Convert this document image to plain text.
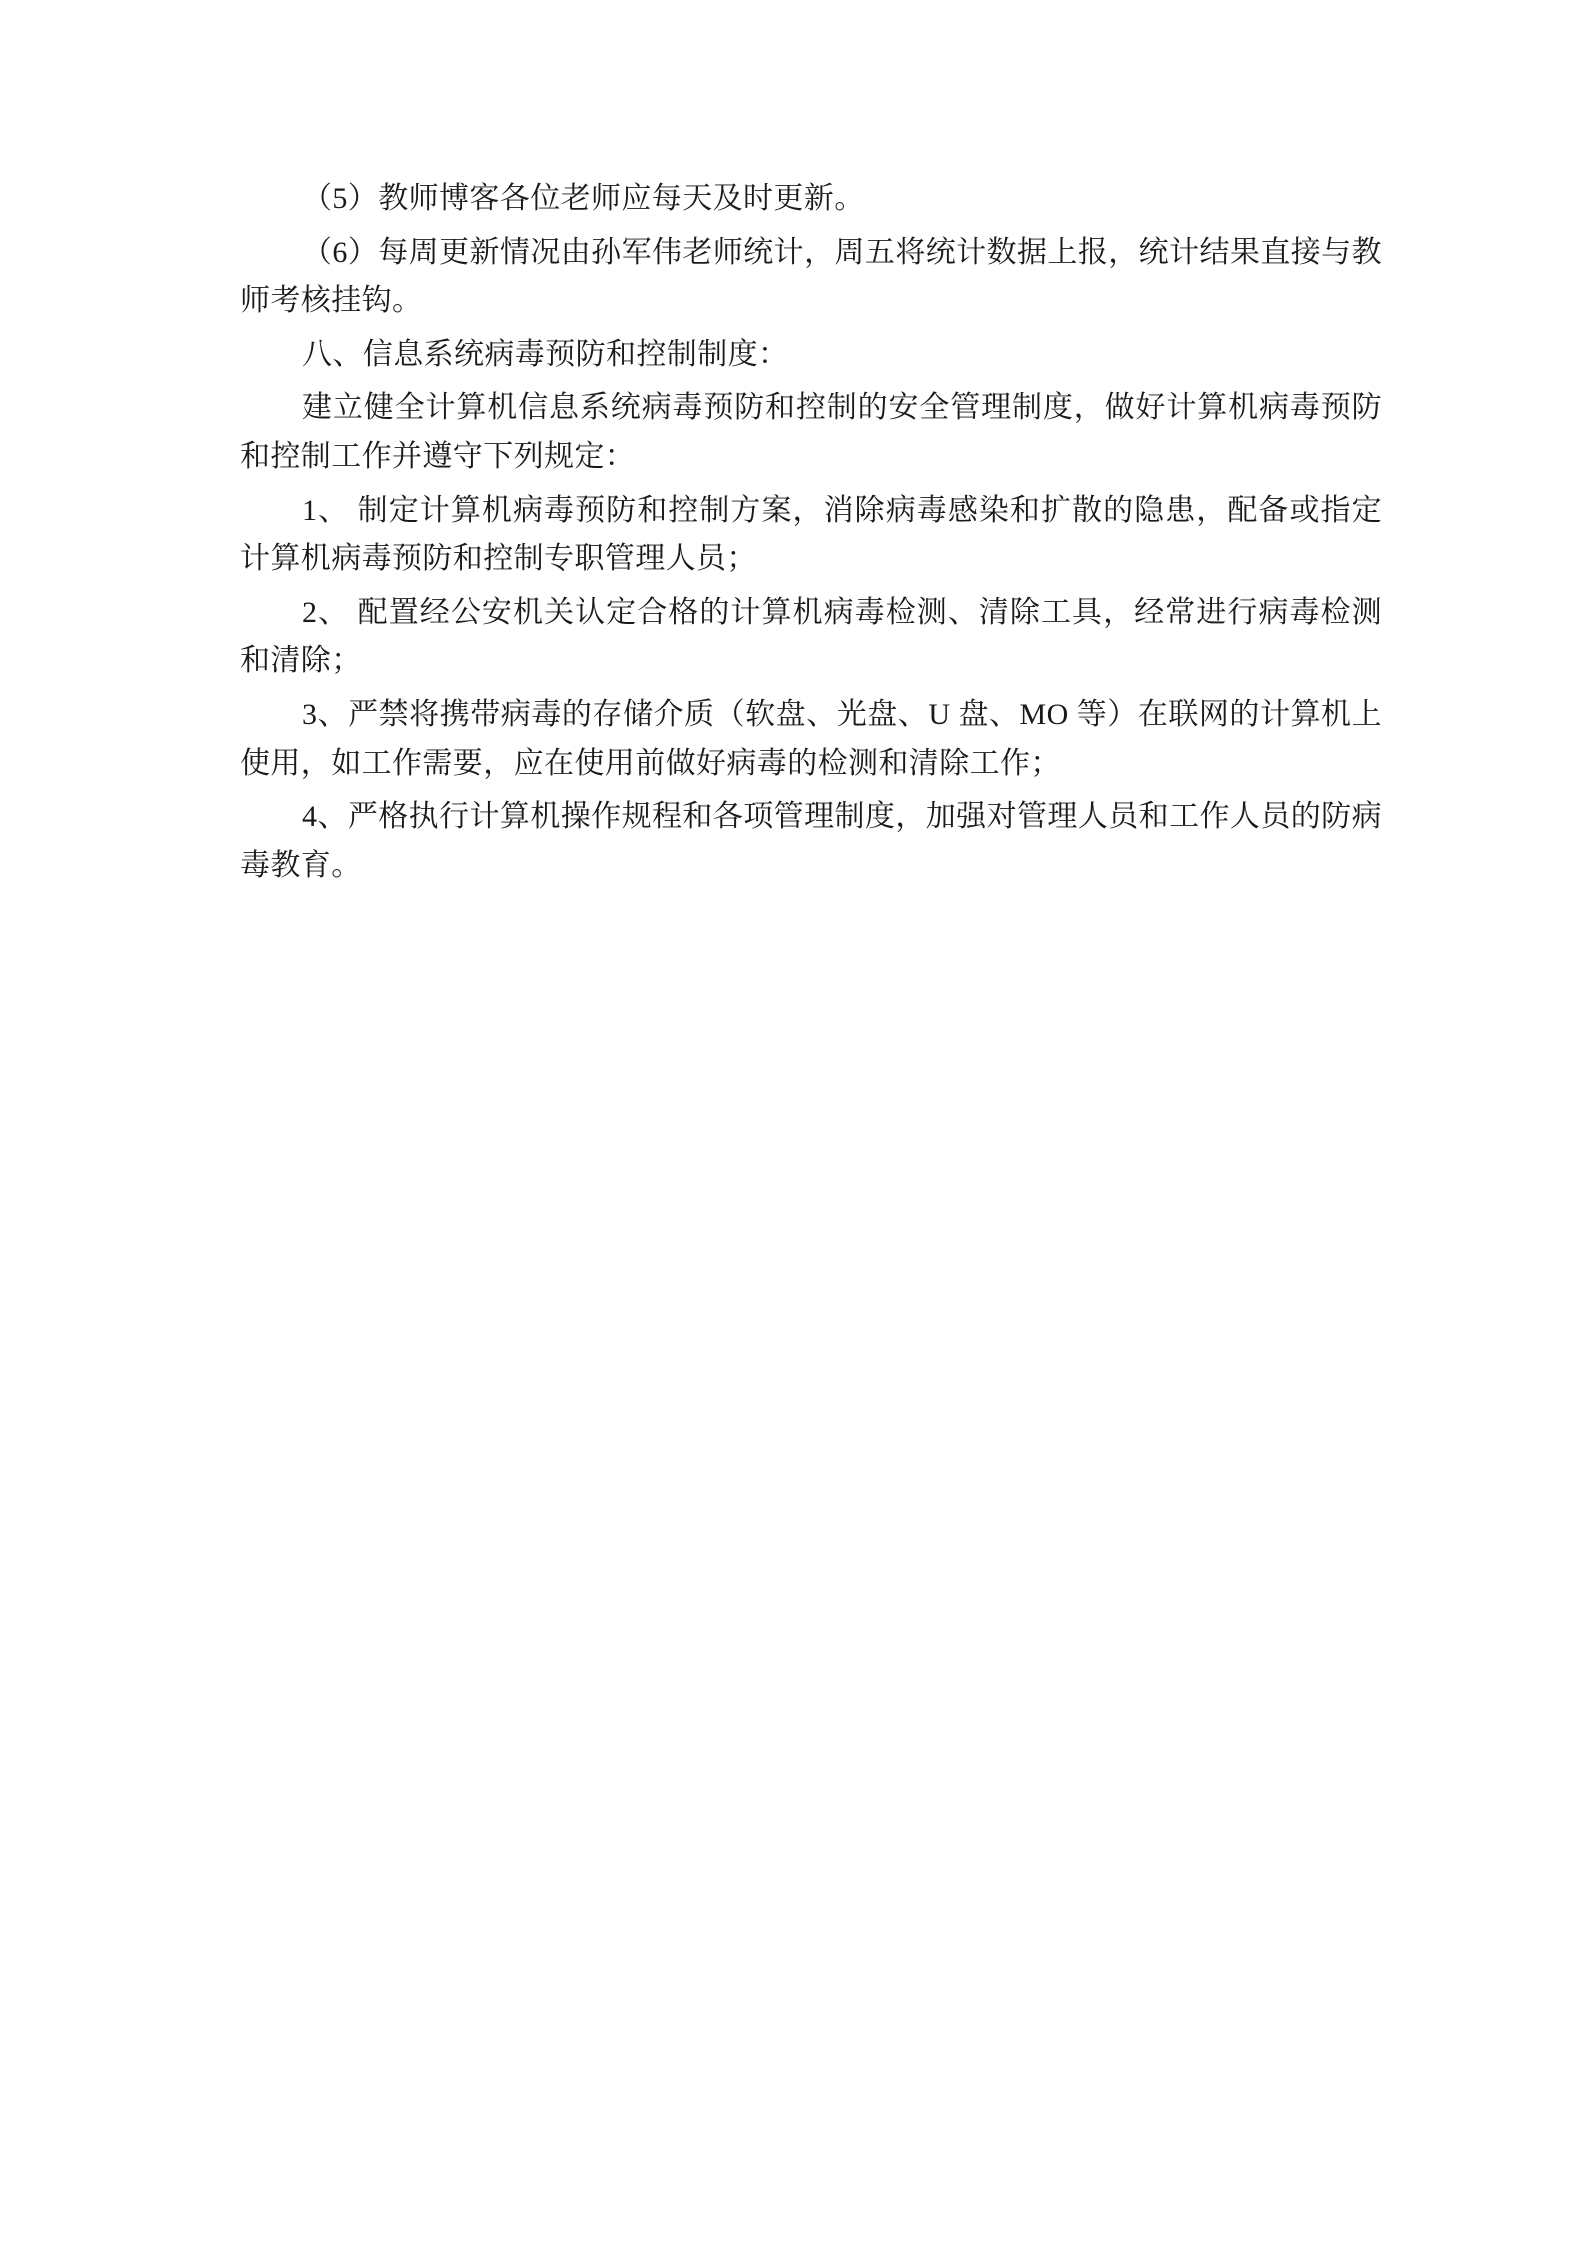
（5）教师博客各位老师应每天及时更新。

（6）每周更新情况由孙军伟老师统计，周五将统计数据上报，统计结果直接与教师考核挂钩。

八、信息系统病毒预防和控制制度：

建立健全计算机信息系统病毒预防和控制的安全管理制度，做好计算机病毒预防和控制工作并遵守下列规定：

1、 制定计算机病毒预防和控制方案，消除病毒感染和扩散的隐患，配备或指定计算机病毒预防和控制专职管理人员；

2、 配置经公安机关认定合格的计算机病毒检测、清除工具，经常进行病毒检测和清除；

3、严禁将携带病毒的存储介质（软盘、光盘、U 盘、MO 等）在联网的计算机上使用，如工作需要，应在使用前做好病毒的检测和清除工作；

4、严格执行计算机操作规程和各项管理制度，加强对管理人员和工作人员的防病毒教育。
